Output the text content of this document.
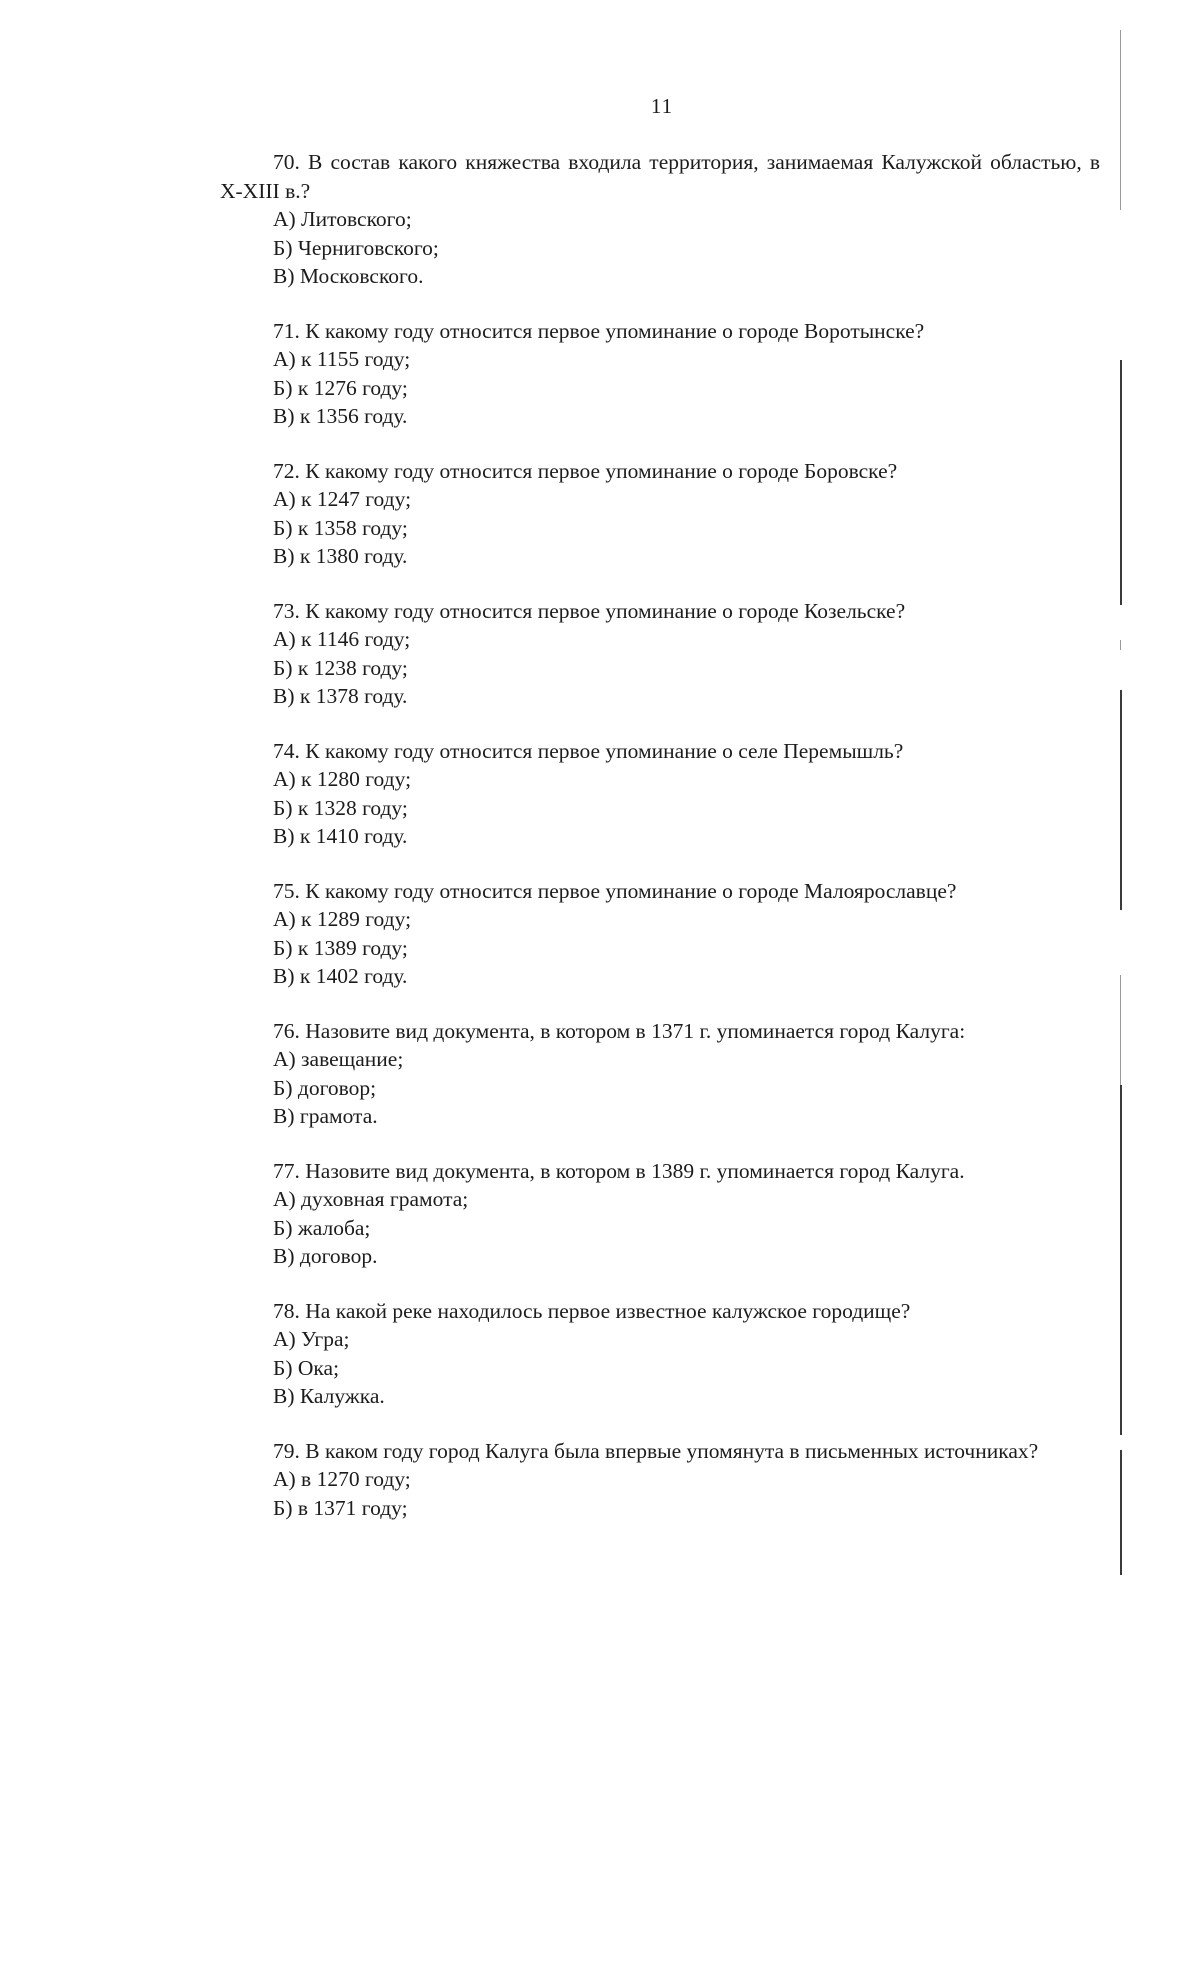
11
70. В состав какого княжества входила территория, занимаемая Калужской областью, в X-XIII в.?
А) Литовского;
Б) Черниговского;
В) Московского.
71. К какому году относится первое упоминание о городе Воротынске?
А) к 1155 году;
Б) к 1276 году;
В) к 1356 году.
72. К какому году относится первое упоминание о городе Боровске?
А) к 1247 году;
Б) к 1358 году;
В) к 1380 году.
73. К какому году относится первое упоминание о городе Козельске?
А) к 1146 году;
Б) к 1238 году;
В) к 1378 году.
74. К какому году относится первое упоминание о селе Перемышль?
А) к 1280 году;
Б) к 1328 году;
В) к 1410 году.
75. К какому году относится первое упоминание о городе Малоярославце?
А) к 1289 году;
Б) к 1389 году;
В) к 1402 году.
76. Назовите вид документа, в котором в 1371 г. упоминается город Калуга:
А) завещание;
Б) договор;
В) грамота.
77. Назовите вид документа, в котором в 1389 г. упоминается город Калуга.
А) духовная грамота;
Б) жалоба;
В) договор.
78. На какой реке находилось первое известное калужское городище?
А) Угра;
Б) Ока;
В) Калужка.
79. В каком году город Калуга была впервые упомянута в письменных источниках?
А) в 1270 году;
Б) в 1371 году;
